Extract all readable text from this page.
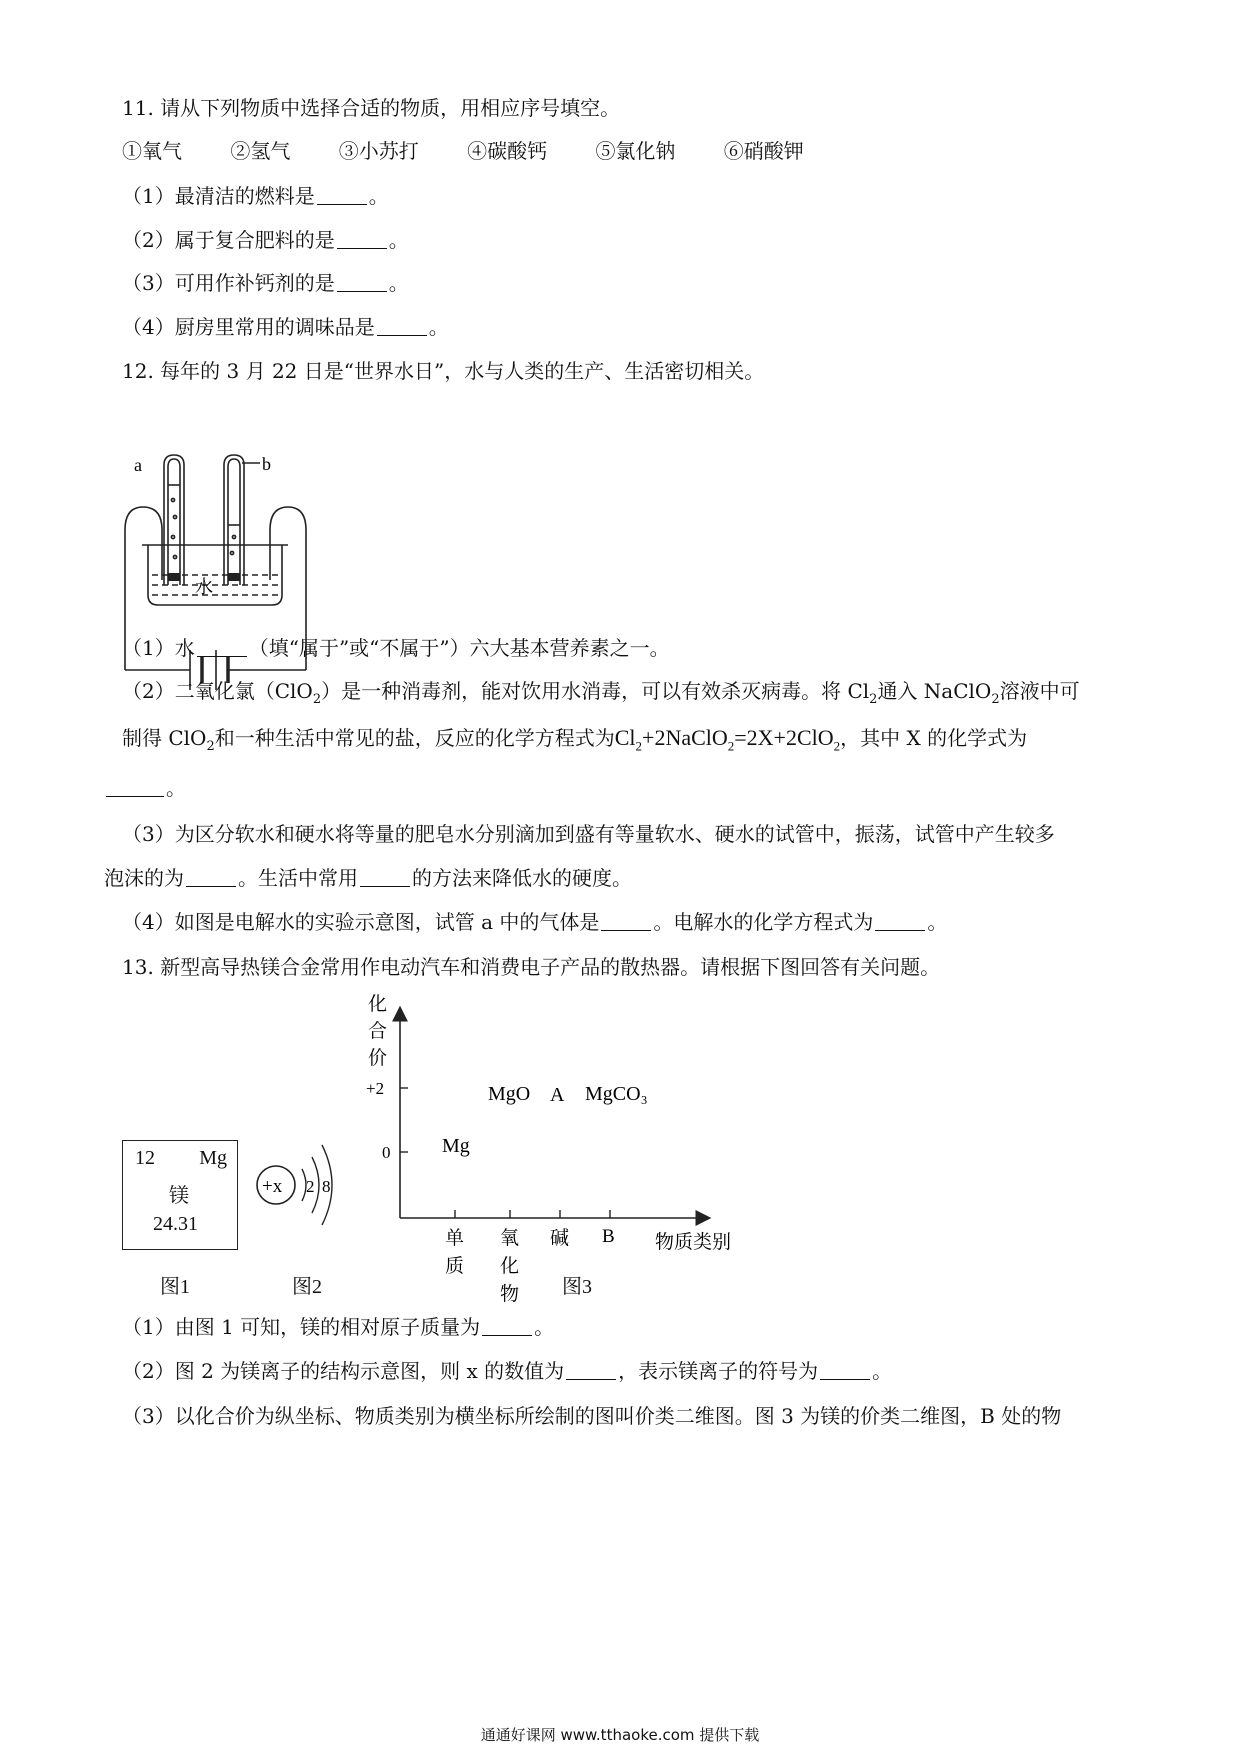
11. 请从下列物质中选择合适的物质，用相应序号填空。
①氧气 ②氢气 ③小苏打 ④碳酸钙 ⑤氯化钠 ⑥硝酸钾
（1）最清洁的燃料是	。
（2）属于复合肥料的是	。
（3）可用作补钙剂的是	。
（4）厨房里常用的调味品是	。
12. 每年的 3 月 22 日是“世界水日”，水与人类的生产、生活密切相关。
a	b
水
（1）水	（填“属于”或“不属于”）六大基本营养素之一。
（2）二氧化氯（ClO$_2$）是一种消毒剂，能对饮用水消毒，可以有效杀灭病毒。将 $Cl_2$通入 NaClO$_2$溶液中可
制得 ClO$_2$和一种生活中常见的盐，反应的化学方程式为$Cl_2+2NaClO_2=2X+2ClO_2$，其中 X 的化学式为
。
（3）为区分软水和硬水将等量的肥皂水分别滴加到盛有等量软水、硬水的试管中，振荡，试管中产生较多
泡沫的为	。生活中常用	的方法来降低水的硬度。
（4）如图是电解水的实验示意图，试管 a 中的气体是	。电解水的化学方程式为	。
13. 新型高导热镁合金常用作电动汽车和消费电子产品的散热器。请根据下图回答有关问题。
12 Mg
镁
24.31
图1
+x 2 8
图2
化
合
价
+2
0
单
质
氧
化
物
碱	物质类别
B
Mg
MgO A MgCO₃
图3
（1）由图 1 可知，镁的相对原子质量为	。
（2）图 2 为镁离子的结构示意图，则 x 的数值为	，表示镁离子的符号为	。
（3）以化合价为纵坐标、物质类别为横坐标所绘制的图叫价类二维图。图 3 为镁的价类二维图，B 处的物
通通好课网 www.tthaoke.com 提供下载
